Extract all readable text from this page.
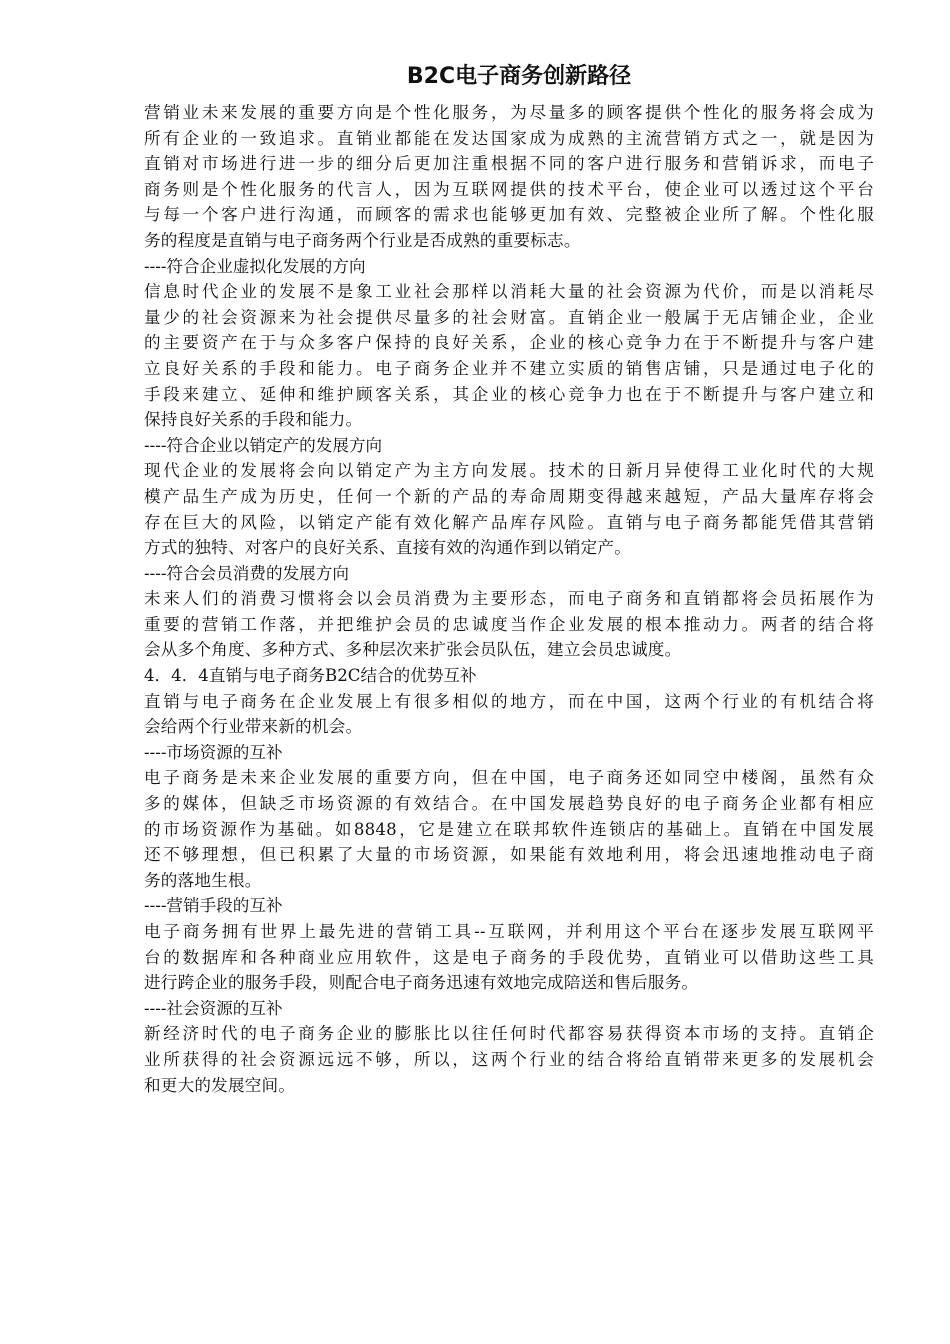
B2C电子商务创新路径
营销业未来发展的重要方向是个性化服务，为尽量多的顾客提供个性化的服务将会成为
所有企业的一致追求。直销业都能在发达国家成为成熟的主流营销方式之一，就是因为
直销对市场进行进一步的细分后更加注重根据不同的客户进行服务和营销诉求，而电子
商务则是个性化服务的代言人，因为互联网提供的技术平台，使企业可以透过这个平台
与每一个客户进行沟通，而顾客的需求也能够更加有效、完整被企业所了解。个性化服
务的程度是直销与电子商务两个行业是否成熟的重要标志。
----符合企业虚拟化发展的方向
信息时代企业的发展不是象工业社会那样以消耗大量的社会资源为代价，而是以消耗尽
量少的社会资源来为社会提供尽量多的社会财富。直销企业一般属于无店铺企业，企业
的主要资产在于与众多客户保持的良好关系，企业的核心竞争力在于不断提升与客户建
立良好关系的手段和能力。电子商务企业并不建立实质的销售店铺，只是通过电子化的
手段来建立、延伸和维护顾客关系，其企业的核心竞争力也在于不断提升与客户建立和
保持良好关系的手段和能力。
----符合企业以销定产的发展方向
现代企业的发展将会向以销定产为主方向发展。技术的日新月异使得工业化时代的大规
模产品生产成为历史，任何一个新的产品的寿命周期变得越来越短，产品大量库存将会
存在巨大的风险，以销定产能有效化解产品库存风险。直销与电子商务都能凭借其营销
方式的独特、对客户的良好关系、直接有效的沟通作到以销定产。
----符合会员消费的发展方向
未来人们的消费习惯将会以会员消费为主要形态，而电子商务和直销都将会员拓展作为
重要的营销工作落，并把维护会员的忠诚度当作企业发展的根本推动力。两者的结合将
会从多个角度、多种方式、多种层次来扩张会员队伍，建立会员忠诚度。
4．4．4直销与电子商务B2C结合的优势互补
直销与电子商务在企业发展上有很多相似的地方，而在中国，这两个行业的有机结合将
会给两个行业带来新的机会。
----市场资源的互补
电子商务是未来企业发展的重要方向，但在中国，电子商务还如同空中楼阁，虽然有众
多的媒体，但缺乏市场资源的有效结合。在中国发展趋势良好的电子商务企业都有相应
的市场资源作为基础。如8848，它是建立在联邦软件连锁店的基础上。直销在中国发展
还不够理想，但已积累了大量的市场资源，如果能有效地利用，将会迅速地推动电子商
务的落地生根。
----营销手段的互补
电子商务拥有世界上最先进的营销工具--互联网，并利用这个平台在逐步发展互联网平
台的数据库和各种商业应用软件，这是电子商务的手段优势，直销业可以借助这些工具
进行跨企业的服务手段，则配合电子商务迅速有效地完成陪送和售后服务。
----社会资源的互补
新经济时代的电子商务企业的膨胀比以往任何时代都容易获得资本市场的支持。直销企
业所获得的社会资源远远不够，所以，这两个行业的结合将给直销带来更多的发展机会
和更大的发展空间。
